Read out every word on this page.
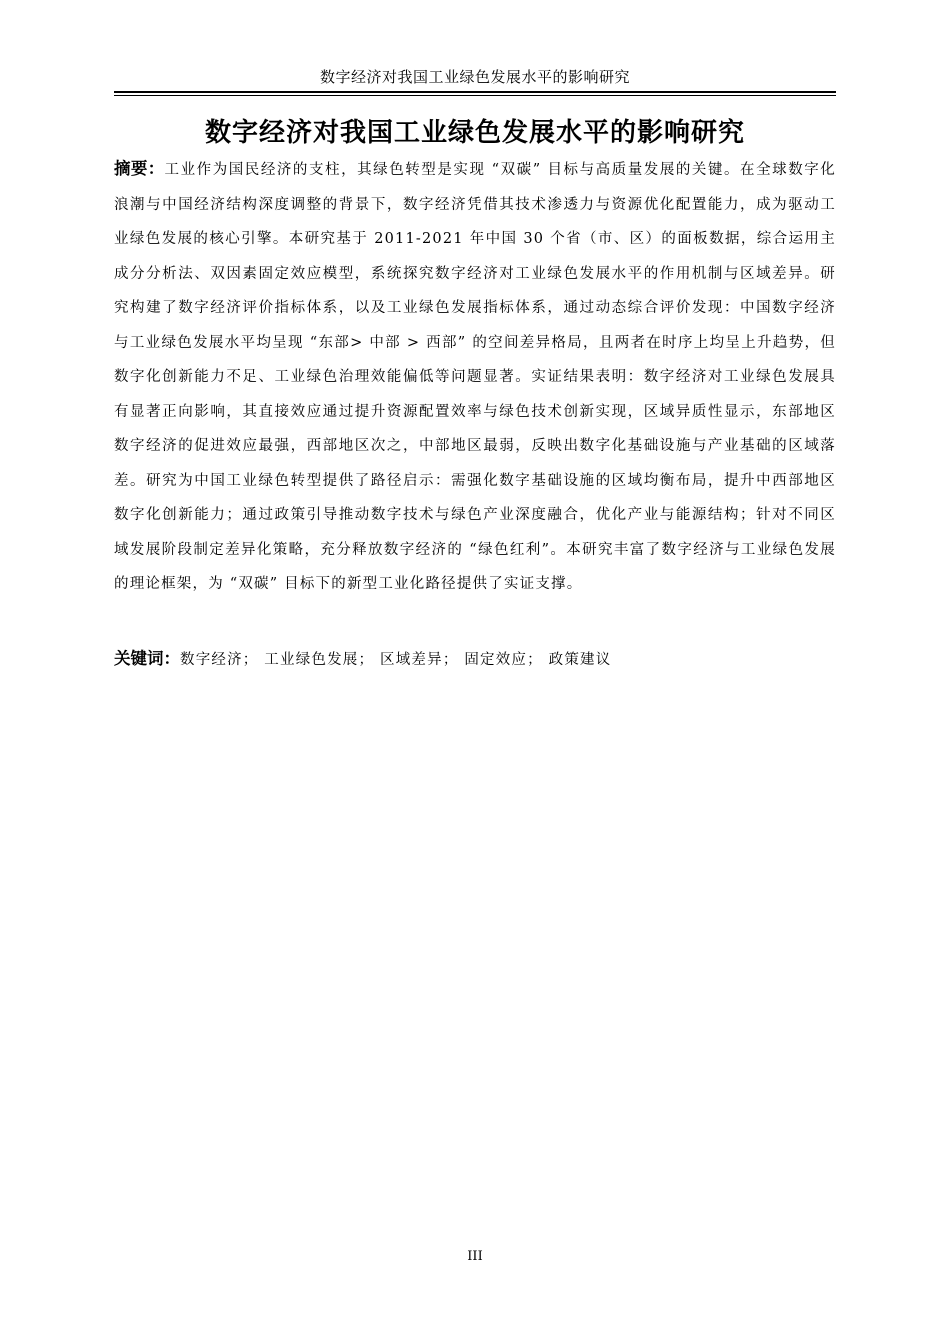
数字经济对我国工业绿色发展水平的影响研究
数字经济对我国工业绿色发展水平的影响研究
摘要：工业作为国民经济的支柱，其绿色转型是实现 “双碳” 目标与高质量发展的关键。在全球数字化浪潮与中国经济结构深度调整的背景下，数字经济凭借其技术渗透力与资源优化配置能力，成为驱动工业绿色发展的核心引擎。本研究基于 2011-2021 年中国 30 个省（市、区）的面板数据，综合运用主成分分析法、双因素固定效应模型，系统探究数字经济对工业绿色发展水平的作用机制与区域差异。研究构建了数字经济评价指标体系，以及工业绿色发展指标体系，通过动态综合评价发现：中国数字经济与工业绿色发展水平均呈现 “东部> 中部 > 西部” 的空间差异格局，且两者在时序上均呈上升趋势，但数字化创新能力不足、工业绿色治理效能偏低等问题显著。实证结果表明：数字经济对工业绿色发展具有显著正向影响，其直接效应通过提升资源配置效率与绿色技术创新实现，区域异质性显示，东部地区数字经济的促进效应最强，西部地区次之，中部地区最弱，反映出数字化基础设施与产业基础的区域落差。研究为中国工业绿色转型提供了路径启示：需强化数字基础设施的区域均衡布局，提升中西部地区数字化创新能力；通过政策引导推动数字技术与绿色产业深度融合，优化产业与能源结构；针对不同区域发展阶段制定差异化策略，充分释放数字经济的 “绿色红利”。本研究丰富了数字经济与工业绿色发展的理论框架，为 “双碳” 目标下的新型工业化路径提供了实证支撑。
关键词：数字经济； 工业绿色发展； 区域差异； 固定效应； 政策建议
III
